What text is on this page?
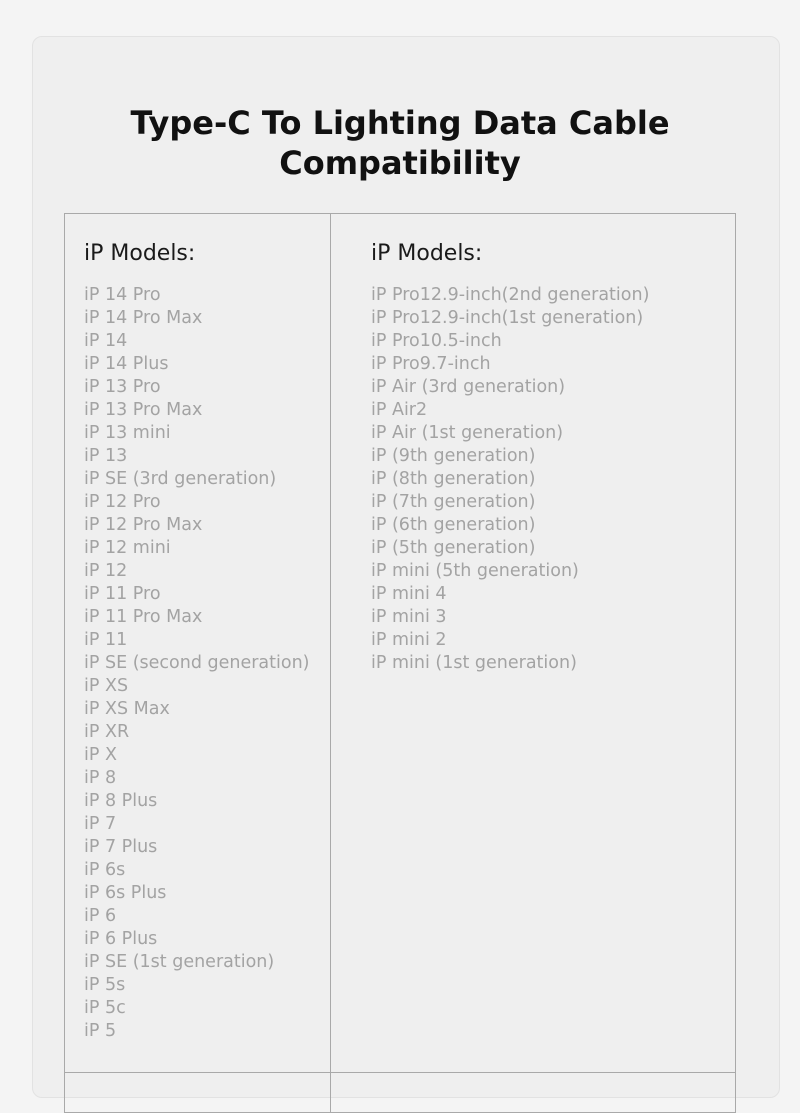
Type-C To Lighting Data Cable
Compatibility
iP Models:
iP 14 Pro
iP 14 Pro Max
iP 14
iP 14 Plus
iP 13 Pro
iP 13 Pro Max
iP 13 mini
iP 13
iP SE (3rd generation)
iP 12 Pro
iP 12 Pro Max
iP 12 mini
iP 12
iP 11 Pro
iP 11 Pro Max
iP 11
iP SE (second generation)
iP XS
iP XS Max
iP XR
iP X
iP 8
iP 8 Plus
iP 7
iP 7 Plus
iP 6s
iP 6s Plus
iP 6
iP 6 Plus
iP SE (1st generation)
iP 5s
iP 5c
iP 5
iP Models:
iP Pro12.9-inch(2nd generation)
iP Pro12.9-inch(1st generation)
iP Pro10.5-inch
iP Pro9.7-inch
iP Air (3rd generation)
iP Air2
iP Air (1st generation)
iP (9th generation)
iP (8th generation)
iP (7th generation)
iP (6th generation)
iP (5th generation)
iP mini (5th generation)
iP mini 4
iP mini 3
iP mini 2
iP mini (1st generation)
